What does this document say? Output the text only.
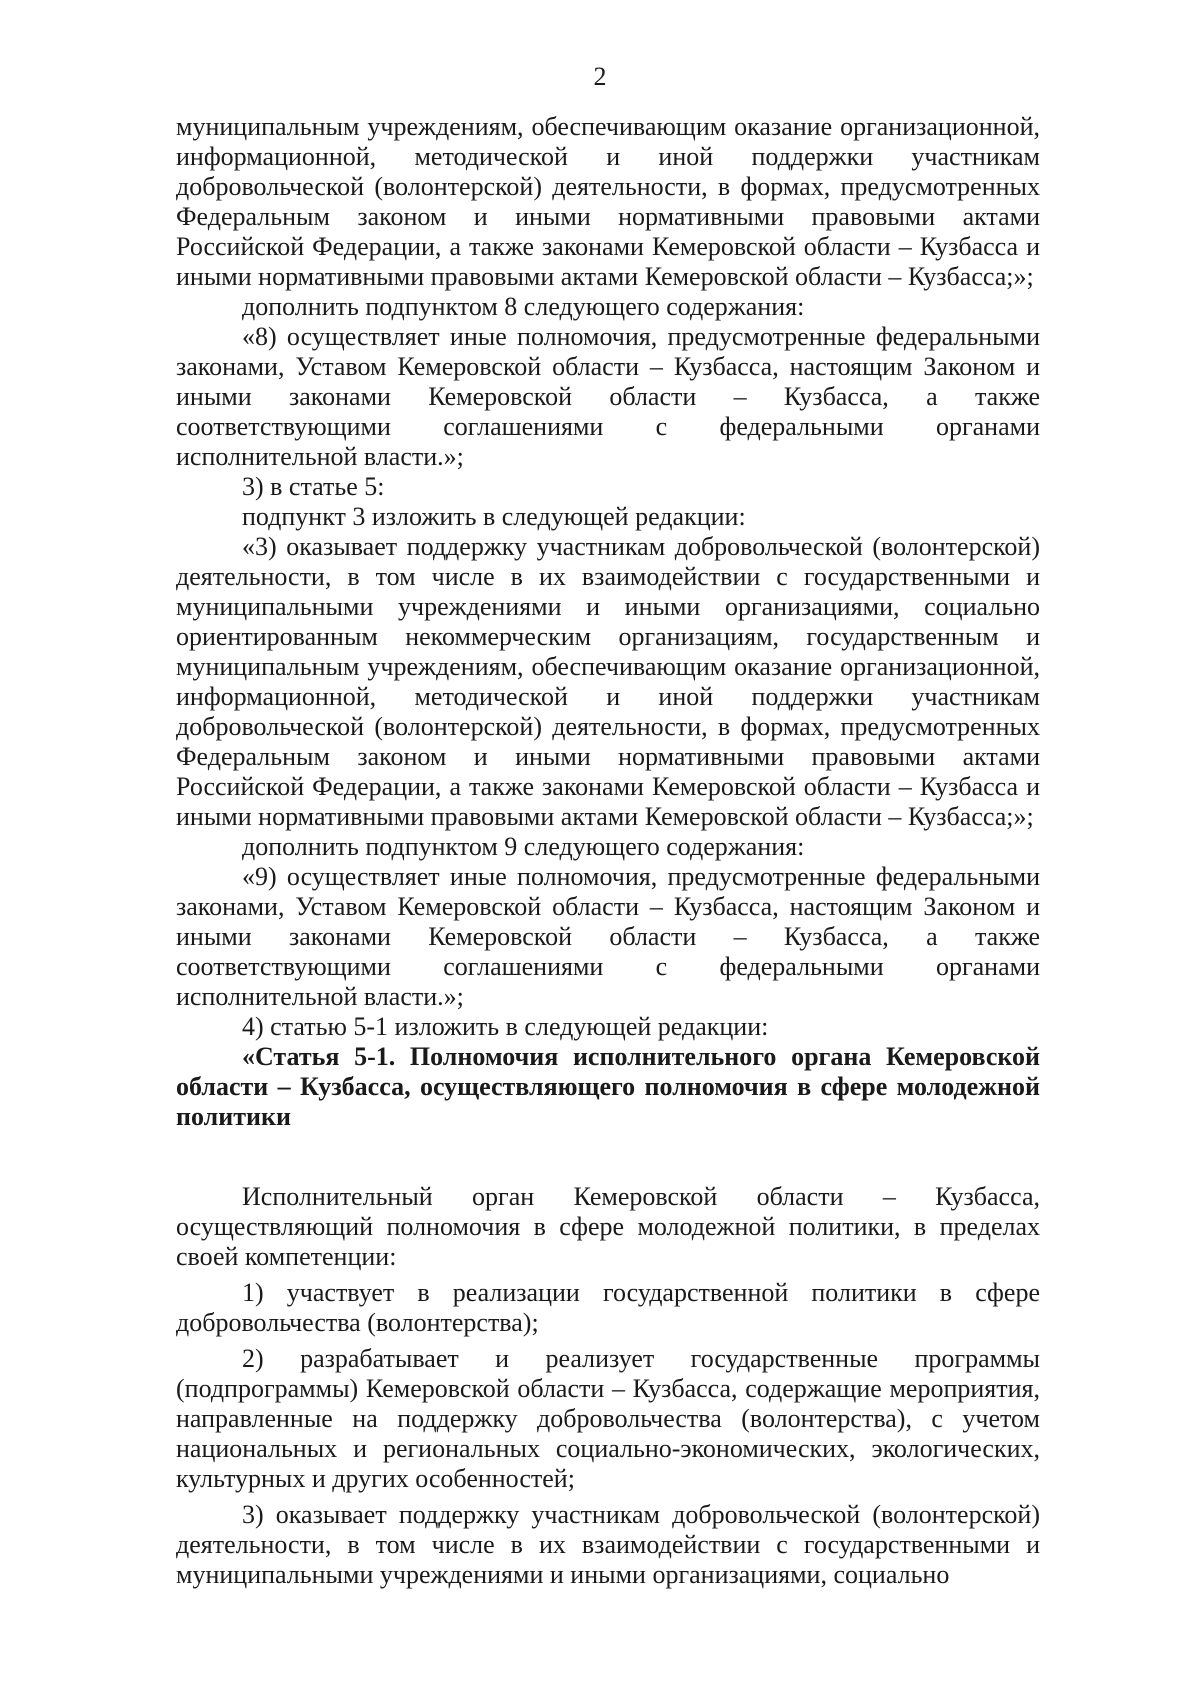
2

муниципальным учреждениям, обеспечивающим оказание организационной, информационной, методической и иной поддержки участникам добровольческой (волонтерской) деятельности, в формах, предусмотренных Федеральным законом и иными нормативными правовыми актами Российской Федерации, а также законами Кемеровской области – Кузбасса и иными нормативными правовыми актами Кемеровской области – Кузбасса;»;

дополнить подпунктом 8 следующего содержания:

«8) осуществляет иные полномочия, предусмотренные федеральными законами, Уставом Кемеровской области – Кузбасса, настоящим Законом и иными законами Кемеровской области – Кузбасса, а также соответствующими соглашениями с федеральными органами исполнительной власти.»;

3) в статье 5:

подпункт 3 изложить в следующей редакции:

«3) оказывает поддержку участникам добровольческой (волонтерской) деятельности, в том числе в их взаимодействии с государственными и муниципальными учреждениями и иными организациями, социально ориентированным некоммерческим организациям, государственным и муниципальным учреждениям, обеспечивающим оказание организационной, информационной, методической и иной поддержки участникам добровольческой (волонтерской) деятельности, в формах, предусмотренных Федеральным законом и иными нормативными правовыми актами Российской Федерации, а также законами Кемеровской области – Кузбасса и иными нормативными правовыми актами Кемеровской области – Кузбасса;»;

дополнить подпунктом 9 следующего содержания:

«9) осуществляет иные полномочия, предусмотренные федеральными законами, Уставом Кемеровской области – Кузбасса, настоящим Законом и иными законами Кемеровской области – Кузбасса, а также соответствующими соглашениями с федеральными органами исполнительной власти.»;

4) статью 5-1 изложить в следующей редакции:

«Статья 5-1. Полномочия исполнительного органа Кемеровской области – Кузбасса, осуществляющего полномочия в сфере молодежной политики

Исполнительный орган Кемеровской области – Кузбасса, осуществляющий полномочия в сфере молодежной политики, в пределах своей компетенции:

1) участвует в реализации государственной политики в сфере добровольчества (волонтерства);

2) разрабатывает и реализует государственные программы (подпрограммы) Кемеровской области – Кузбасса, содержащие мероприятия, направленные на поддержку добровольчества (волонтерства), с учетом национальных и региональных социально-экономических, экологических, культурных и других особенностей;

3) оказывает поддержку участникам добровольческой (волонтерской) деятельности, в том числе в их взаимодействии с государственными и муниципальными учреждениями и иными организациями, социально
